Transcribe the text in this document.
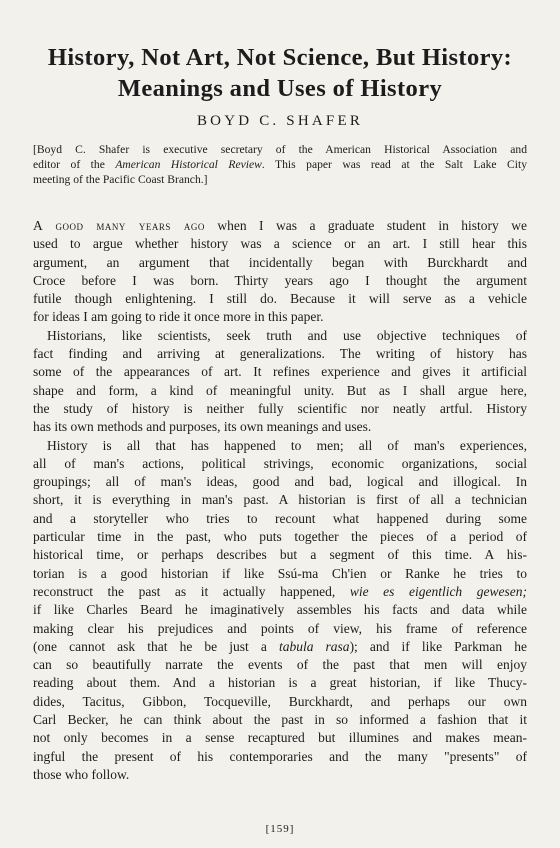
History, Not Art, Not Science, But History:
Meanings and Uses of History
BOYD C. SHAFER
[Boyd C. Shafer is executive secretary of the American Historical Association and
editor of the American Historical Review. This paper was read at the Salt Lake City
meeting of the Pacific Coast Branch.]
A good many years ago when I was a graduate student in history we
used to argue whether history was a science or an art. I still hear this
argument, an argument that incidentally began with Burckhardt and
Croce before I was born. Thirty years ago I thought the argument
futile though enlightening. I still do. Because it will serve as a vehicle
for ideas I am going to ride it once more in this paper.
Historians, like scientists, seek truth and use objective techniques of
fact finding and arriving at generalizations. The writing of history has
some of the appearances of art. It refines experience and gives it artificial
shape and form, a kind of meaningful unity. But as I shall argue here,
the study of history is neither fully scientific nor neatly artful. History
has its own methods and purposes, its own meanings and uses.
History is all that has happened to men; all of man's experiences,
all of man's actions, political strivings, economic organizations, social
groupings; all of man's ideas, good and bad, logical and illogical. In
short, it is everything in man's past. A historian is first of all a technician
and a storyteller who tries to recount what happened during some
particular time in the past, who puts together the pieces of a period of
historical time, or perhaps describes but a segment of this time. A his-
torian is a good historian if like Ssú-ma Ch'ien or Ranke he tries to
reconstruct the past as it actually happened, wie es eigentlich gewesen;
if like Charles Beard he imaginatively assembles his facts and data while
making clear his prejudices and points of view, his frame of reference
(one cannot ask that he be just a tabula rasa); and if like Parkman he
can so beautifully narrate the events of the past that men will enjoy
reading about them. And a historian is a great historian, if like Thucy-
dides, Tacitus, Gibbon, Tocqueville, Burckhardt, and perhaps our own
Carl Becker, he can think about the past in so informed a fashion that it
not only becomes in a sense recaptured but illumines and makes mean-
ingful the present of his contemporaries and the many "presents" of
those who follow.
[159]
